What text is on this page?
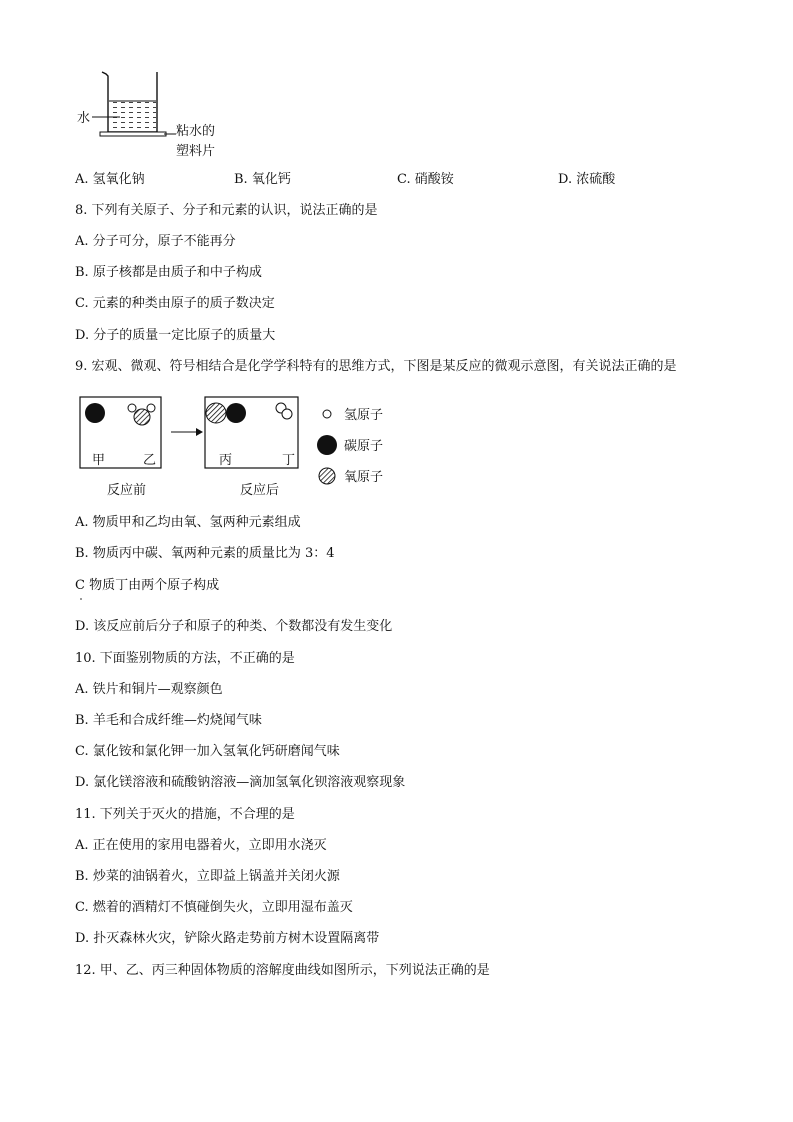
水
粘水的
塑料片
A. 氢氧化钠	B. 氧化钙	C. 硝酸铵	D. 浓硫酸
8. 下列有关原子、分子和元素的认识，说法正确的是
A. 分子可分，原子不能再分
B. 原子核都是由质子和中子构成
C. 元素的种类由原子的质子数决定
D. 分子的质量一定比原子的质量大
9. 宏观、微观、符号相结合是化学学科特有的思维方式，下图是某反应的微观示意图，有关说法正确的是
甲	乙	丙	丁
反应前	反应后
氢原子
碳原子
氧原子
A. 物质甲和乙均由氧、氢两种元素组成
B. 物质丙中碳、氧两种元素的质量比为 3：4
C 物质丁由两个原子构成
D. 该反应前后分子和原子的种类、个数都没有发生变化
10. 下面鉴别物质的方法，不正确的是
A. 铁片和铜片—观察颜色
B. 羊毛和合成纤维—灼烧闻气味
C. 氯化铵和氯化钾一加入氢氧化钙研磨闻气味
D. 氯化镁溶液和硫酸钠溶液—滴加氢氧化钡溶液观察现象
11. 下列关于灭火的措施，不合理的是
A. 正在使用的家用电器着火，立即用水浇灭
B. 炒菜的油锅着火，立即益上锅盖并关闭火源
C. 燃着的酒精灯不慎碰倒失火，立即用湿布盖灭
D. 扑灭森林火灾，铲除火路走势前方树木设置隔离带
12. 甲、乙、丙三种固体物质的溶解度曲线如图所示，下列说法正确的是
